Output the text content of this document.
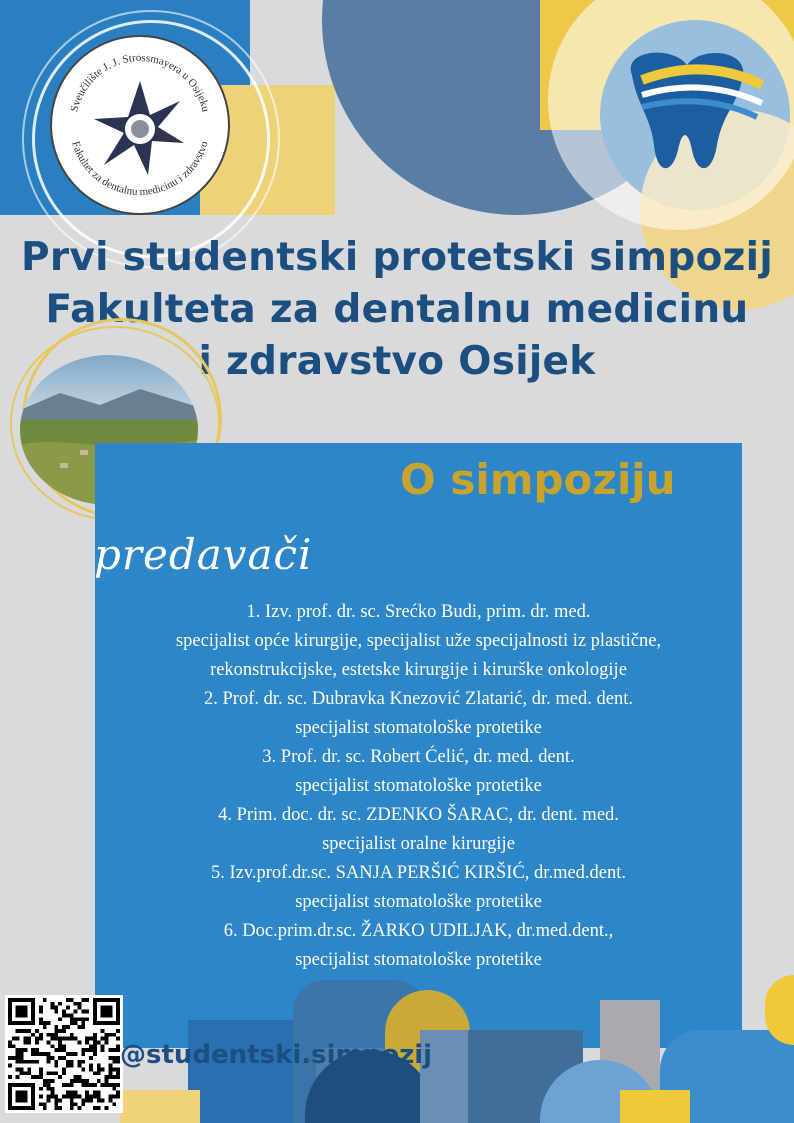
Sveučilište J. J. Strossmayera u Osijeku
Fakultet za dentalnu medicinu i zdravstvo
Prvi studentski protetski simpozij
Fakulteta za dentalnu medicinu
i zdravstvo Osijek
O simpoziju
predavači
1. Izv. prof. dr. sc. Srećko Budi, prim. dr. med.
specijalist opće kirurgije, specijalist uže specijalnosti iz plastične,
rekonstrukcijske, estetske kirurgije i kirurške onkologije
2. Prof. dr. sc. Dubravka Knezović Zlatarić, dr. med. dent.
specijalist stomatološke protetike
3. Prof. dr. sc. Robert Ćelić, dr. med. dent.
specijalist stomatološke protetike
4. Prim. doc. dr. sc. ZDENKO ŠARAC, dr. dent. med.
specijalist oralne kirurgije
5. Izv.prof.dr.sc. SANJA PERŠIĆ KIRŠIĆ, dr.med.dent.
specijalist stomatološke protetike
6. Doc.prim.dr.sc. ŽARKO UDILJAK, dr.med.dent.,
specijalist stomatološke protetike
@studentski.simpozij
